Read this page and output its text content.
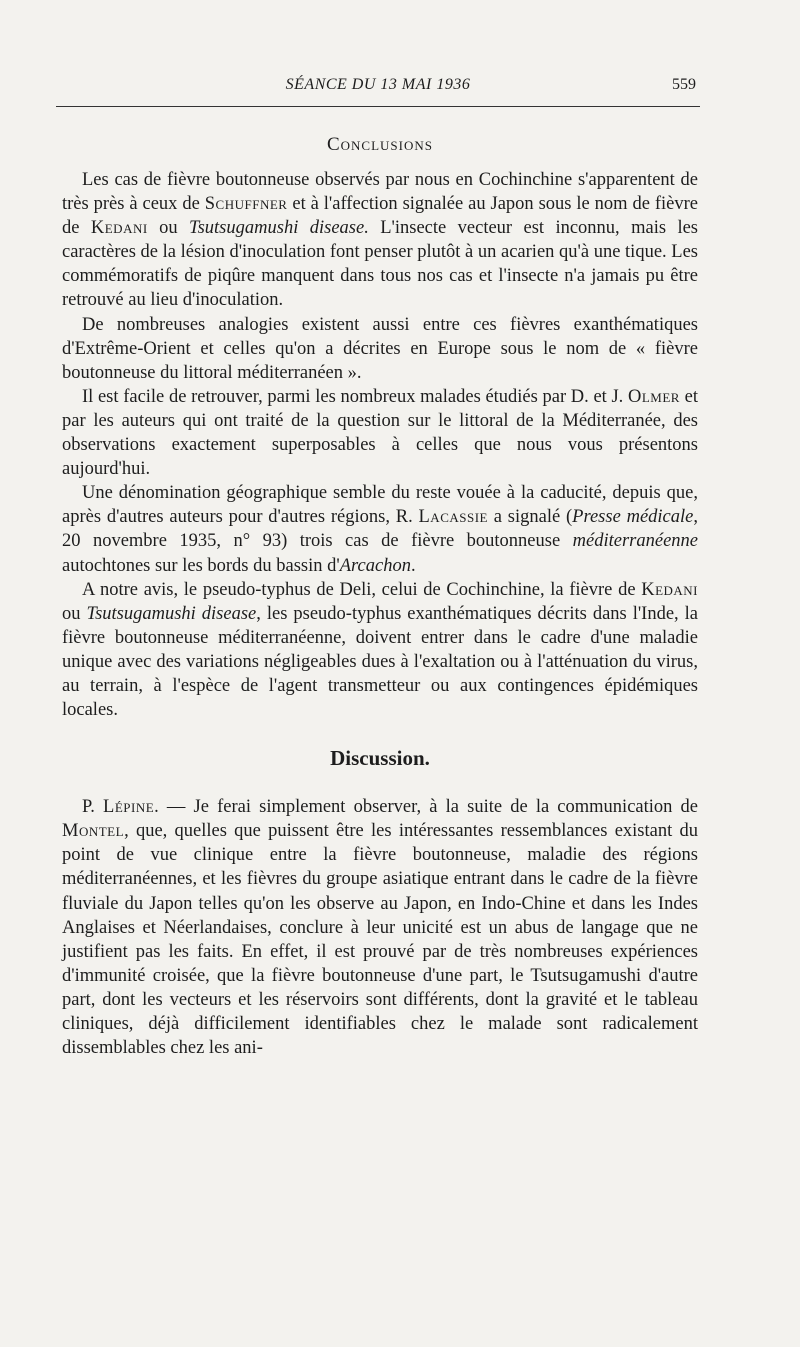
SÉANCE DU 13 MAI 1936	559
Conclusions

Les cas de fièvre boutonneuse observés par nous en Cochinchine s'apparentent de très près à ceux de Schuffner et à l'affection signalée au Japon sous le nom de fièvre de Kedani ou Tsutsugamushi disease. L'insecte vecteur est inconnu, mais les caractères de la lésion d'inoculation font penser plutôt à un acarien qu'à une tique. Les commémoratifs de piqûre manquent dans tous nos cas et l'insecte n'a jamais pu être retrouvé au lieu d'inoculation.

De nombreuses analogies existent aussi entre ces fièvres exanthématiques d'Extrême-Orient et celles qu'on a décrites en Europe sous le nom de « fièvre boutonneuse du littoral méditerranéen ».

Il est facile de retrouver, parmi les nombreux malades étudiés par D. et J. Olmer et par les auteurs qui ont traité de la question sur le littoral de la Méditerranée, des observations exactement superposables à celles que nous vous présentons aujourd'hui.

Une dénomination géographique semble du reste vouée à la caducité, depuis que, après d'autres auteurs pour d'autres régions, R. Lacassie a signalé (Presse médicale, 20 novembre 1935, n° 93) trois cas de fièvre boutonneuse méditerranéenne autochtones sur les bords du bassin d'Arcachon.

A notre avis, le pseudo-typhus de Deli, celui de Cochinchine, la fièvre de Kedani ou Tsutsugamushi disease, les pseudo-typhus exanthématiques décrits dans l'Inde, la fièvre boutonneuse méditerranéenne, doivent entrer dans le cadre d'une maladie unique avec des variations négligeables dues à l'exaltation ou à l'atténuation du virus, au terrain, à l'espèce de l'agent transmetteur ou aux contingences épidémiques locales.

Discussion.

P. Lépine. — Je ferai simplement observer, à la suite de la communication de Montel, que, quelles que puissent être les intéressantes ressemblances existant du point de vue clinique entre la fièvre boutonneuse, maladie des régions méditerranéennes, et les fièvres du groupe asiatique entrant dans le cadre de la fièvre fluviale du Japon telles qu'on les observe au Japon, en Indo-Chine et dans les Indes Anglaises et Néerlandaises, conclure à leur unicité est un abus de langage que ne justifient pas les faits. En effet, il est prouvé par de très nombreuses expériences d'immunité croisée, que la fièvre boutonneuse d'une part, le Tsutsugamushi d'autre part, dont les vecteurs et les réservoirs sont différents, dont la gravité et le tableau cliniques, déjà difficilement identifiables chez le malade sont radicalement dissemblables chez les ani-
